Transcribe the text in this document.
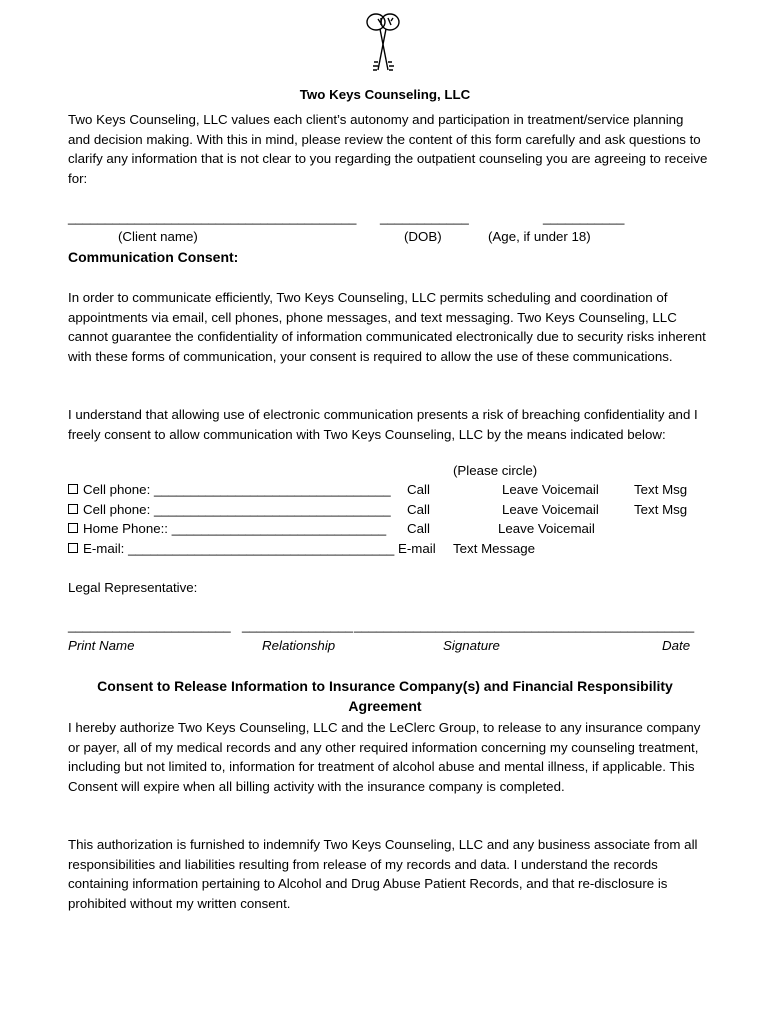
Two Keys Counseling, LLC
Two Keys Counseling, LLC values each client’s autonomy and participation in treatment/service planning and decision making. With this in mind, please review the content of this form carefully and ask questions to clarify any information that is not clear to you regarding the outpatient counseling you are agreeing to receive for:
_______________________________________ ____________	___________
(Client name)	(DOB)	(Age, if under 18)
Communication Consent:
In order to communicate efficiently, Two Keys Counseling, LLC permits scheduling and coordination of appointments via email, cell phones, phone messages, and text messaging. Two Keys Counseling, LLC cannot guarantee the confidentiality of information communicated electronically due to security risks inherent with these forms of communication, your consent is required to allow the use of these communications.
I understand that allowing use of electronic communication presents a risk of breaching confidentiality and I freely consent to allow communication with Two Keys Counseling, LLC by the means indicated below:
(Please circle)
Cell phone: ________________________________ Call	Leave Voicemail	Text Msg
Cell phone: ________________________________ Call	Leave Voicemail	Text Msg
Home Phone:: _____________________________ Call	Leave Voicemail
E-mail: ____________________________________ E-mail Text Message
Legal Representative:
______________________ _______________ ______________________________________ ________
Print Name	Relationship	Signature	Date
Consent to Release Information to Insurance Company(s) and Financial Responsibility
Agreement
I hereby authorize Two Keys Counseling, LLC and the LeClerc Group, to release to any insurance company or payer, all of my medical records and any other required information concerning my counseling treatment, including but not limited to, information for treatment of alcohol abuse and mental illness, if applicable. This Consent will expire when all billing activity with the insurance company is completed.
This authorization is furnished to indemnify Two Keys Counseling, LLC and any business associate from all responsibilities and liabilities resulting from release of my records and data. I understand the records containing information pertaining to Alcohol and Drug Abuse Patient Records, and that re-disclosure is prohibited without my written consent.
